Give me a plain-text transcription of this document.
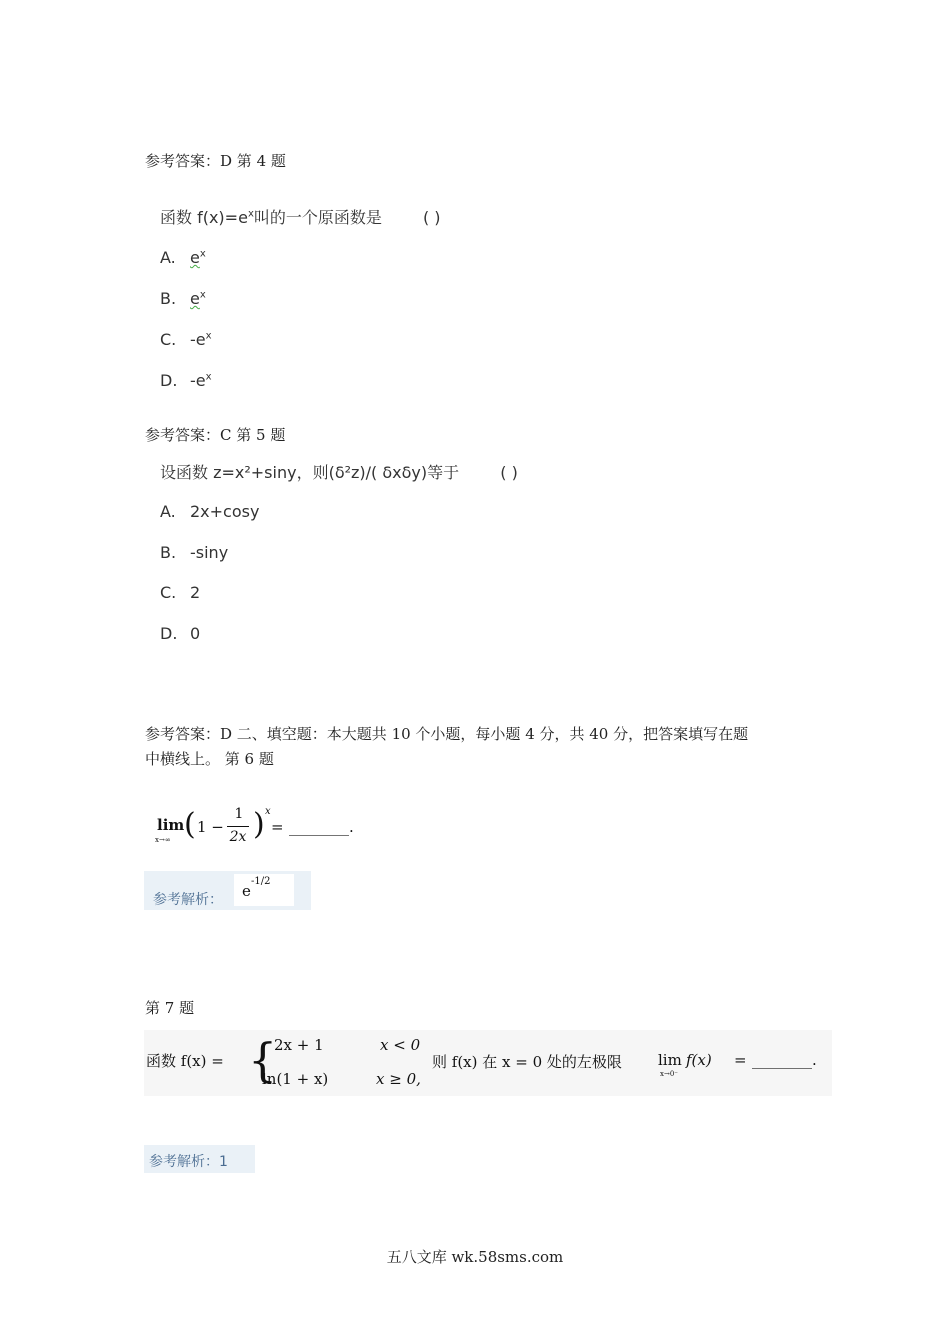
参考答案：D 第 4 题
函数 $f(x)=e^x$叫的一个原函数是	( )
A. $e^x$
B. $e^x$
C. $-e^x$
D. $-e^x$
参考答案：C 第 5 题
设函数 z=x²+siny，则(δ²z)/( δxδy)等于	( )
A. 2x+cosy
B. -siny
C. 2
D. 0
参考答案：D 二、填空题：本大题共 10 个小题，每小题 4 分，共 40 分，把答案填写在题
中横线上。 第 6 题
lim
x→∞ ( 1 −
1
2x ) x
= ________.
参考解析： e
-1/2
第 7 题
函数 f(x) = {
2x + 1	x < 0
ln(1 + x)	x ≥ 0,
则 f(x) 在 x = 0 处的左极限 lim
x→0⁻
f(x) = ________.
参考解析：1
五八文库 wk.58sms.com
